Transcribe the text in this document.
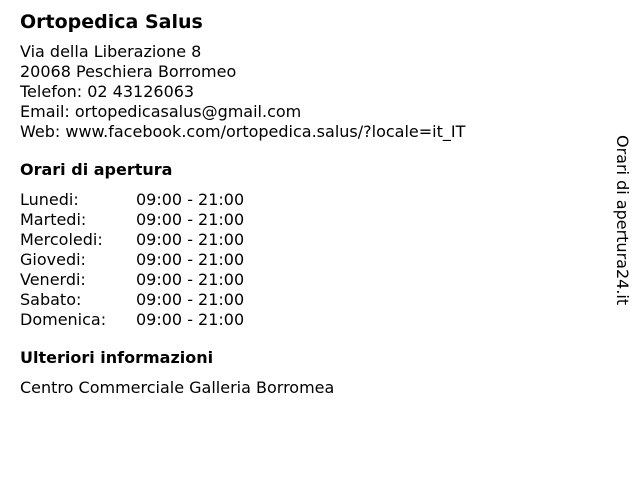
Ortopedica Salus
Via della Liberazione 8
20068 Peschiera Borromeo
Telefon: 02 43126063
Email: ortopedicasalus@gmail.com
Web: www.facebook.com/ortopedica.salus/?locale=it_IT
Orari di apertura
Lunedi:	09:00 - 21:00
Martedi:	09:00 - 21:00
Mercoledi:	09:00 - 21:00
Giovedi:	09:00 - 21:00
Venerdi:	09:00 - 21:00
Sabato:	09:00 - 21:00
Domenica:	09:00 - 21:00
Ulteriori informazioni
Centro Commerciale Galleria Borromea
Orari di apertura24.it
